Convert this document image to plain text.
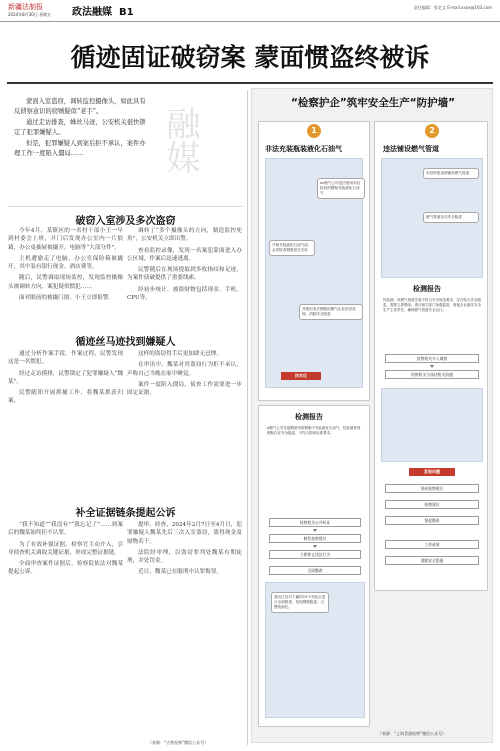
新疆法制报
2024年8月30日 星期五 政法融媒 B1	责任编辑：张定文 E-mail:xxxx@163.com
循迹固证破窃案 蒙面惯盗终被诉

蒙面入室盗窃，调转监控摄像头，如此具有反侦察意识的窃贼疑似“老手”。

通过走访排查，蛛丝马迹，公安机关很快锁定了犯罪嫌疑人。

但是，犯罪嫌疑人到案后拒不承认，案件办理工作一度陷入僵局……	融媒
破窃入室涉及多次盗窃

今年4月，某镇区的一名村干部小王一早到村委会上班，开门后发现办公室内一片狼藉，办公桌抽屉被撬开，电脑等“大部分件”。

主机遭偷走了电脑。办公室保险箱被撬开，其中装有银行现金，酒店费等。

随后，民警调取现场监控，发现监控摄像头被调转方向，案犯疑似惯犯……

面对眼前的被撬门窗，小王立即报警。

调转了“多个摄像头的方向，制造监控死角”，公安机关立即出警。

查看监控录像，发现一名案犯蒙面进入办公区域，作案后迅速逃离。

民警随后在现场提取到多枚指纹和足迹，为案件侦破提供了重要线索。

经初步统计，被盗财物包括现金、手机、CPU等。

循迹丝马迹找到嫌疑人

通过分析作案手段、作案过程，民警发现这是一名惯犯。

经过走访摸排，民警锁定了犯罪嫌疑人“魏某”。

民警随即开展抓捕工作，将魏某抓获归案。

这样的盗窃得手后更加肆无忌惮。

在审讯中，魏某对其盗窃行为拒不承认，声称自己当晚在家中睡觉。

案件一度陷入僵局，侦查工作需要进一步固定证据。

补全证据链条提起公诉

“我不知道”“我没有”“我忘记了”……到案后的魏某始终拒不认罪。

为了有效补强证据，检察官主动介入，引导侦查机关调取关键证据，形成完整证据链。

全面审查案件证据后，检察院依法对魏某提起公诉。

提审。经查，2024年2月7日至4月日，犯罪嫌疑人魏某先后三次入室盗窃，盗得现金及财物若干。

法院经审理，以盗窃罪判处魏某有期徒刑，并处罚金。

近日，魏某已在服刑中认罪悔罪。

（来源：“吉普检察”微信公众号）
“检察护企”筑牢安全生产“防护墙”
1
非法充装瓶装液化石油气
xx燃气公司违法使用未经检验的钢瓶充装液化石油气
开始充装液化石油气前，必须检查钢瓶是否完好
对使用非法钢瓶的燃气企业依法处理，消除安全隐患
技术化
2
违法铺设燃气管道
未经审批违规铺设燃气管道
燃气管道存在安全隐患
检测报告
经检测，该燃气管道安装不符合安全规范要求，存在较大安全隐患，需要立即整改。建议相关部门加强监管，督促企业落实安全生产主体责任，确保燃气管道安全运行。
检察机关介入调查
检察机关与执法机关沟通
发现问题
形成检察建议
检察建议
督促整改
工作成效
消除安全隐患
检测报告
A燃气公司在超期使用的钢瓶中充装液化石油气，经检测发现钢瓶存在安全隐患，不符合国家标准要求。
检察机关公开听证
制发检察建议
立即停止违法行为
全面整改
我们已经对下属的19个充装点进行全面排查，发现钢瓶隐患，已整改到位。
（来源：“上海青浦检察”微信公众号）
